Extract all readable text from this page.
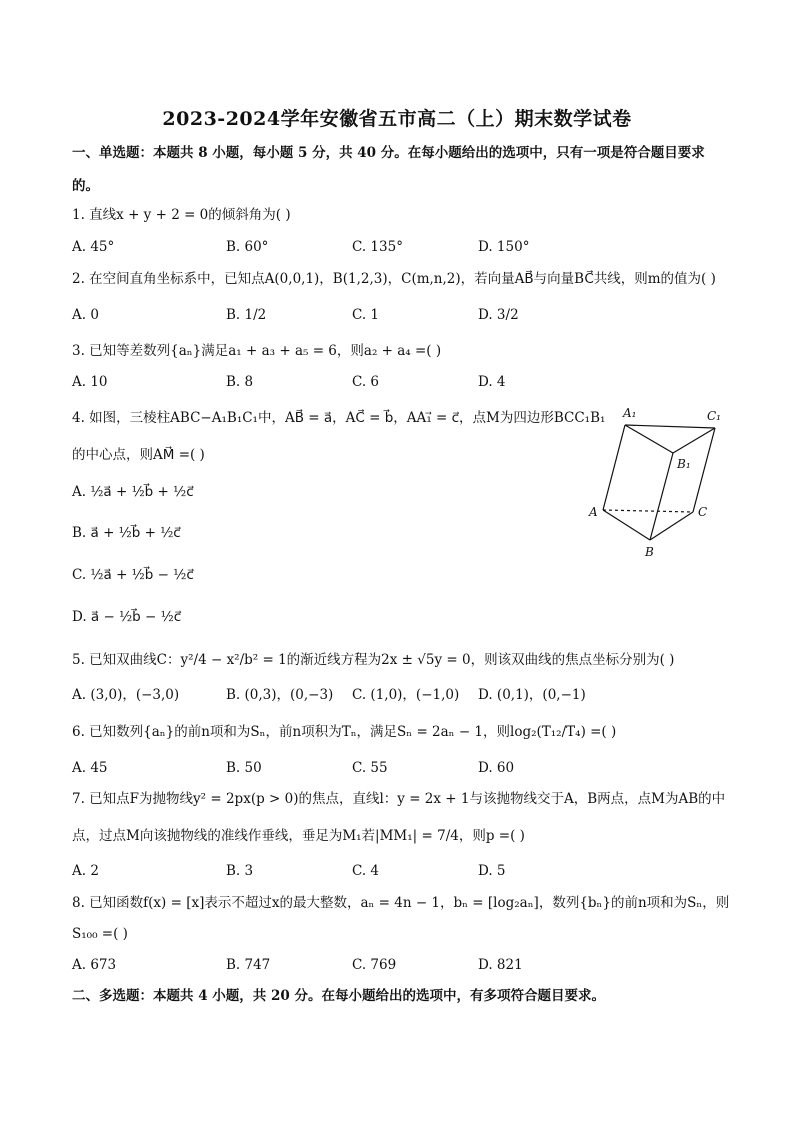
2023-2024学年安徽省五市高二（上）期末数学试卷
一、单选题：本题共 8 小题，每小题 5 分，共 40 分。在每小题给出的选项中，只有一项是符合题目要求
的。
1. 直线x + y + 2 = 0的倾斜角为( )
A. 45°	B. 60°	C. 135°	D. 150°
2. 在空间直角坐标系中，已知点A(0,0,1)，B(1,2,3)，C(m,n,2)，若向量AB⃗与向量BC⃗共线，则m的值为( )
A. 0	B. 1/2	C. 1	D. 3/2
3. 已知等差数列{aₙ}满足a₁ + a₃ + a₅ = 6，则a₂ + a₄ =( )
A. 10	B. 8	C. 6	D. 4
4. 如图，三棱柱ABC−A₁B₁C₁中，AB⃗ = a⃗，AC⃗ = b⃗，AA₁⃗ = c⃗，点M为四边形BCC₁B₁
的中心点，则AM⃗ =( )
A. ½a⃗ + ½b⃗ + ½c⃗
B. a⃗ + ½b⃗ + ½c⃗
C. ½a⃗ + ½b⃗ − ½c⃗
D. a⃗ − ½b⃗ − ½c⃗
A₁	C₁
B₁
A	C
B
5. 已知双曲线C：y²/4 − x²/b² = 1的渐近线方程为2x ± √5y = 0，则该双曲线的焦点坐标分别为( )
A. (3,0)，(−3,0)	B. (0,3)，(0,−3) C. (1,0)，(−1,0) D. (0,1)，(0,−1)
6. 已知数列{aₙ}的前n项和为Sₙ，前n项积为Tₙ，满足Sₙ = 2aₙ − 1，则log₂(T₁₂/T₄) =( )
A. 45	B. 50	C. 55	D. 60
7. 已知点F为抛物线y² = 2px(p > 0)的焦点，直线l：y = 2x + 1与该抛物线交于A，B两点，点M为AB的中
点，过点M向该抛物线的准线作垂线，垂足为M₁若|MM₁| = 7/4，则p =( )
A. 2	B. 3	C. 4	D. 5
8. 已知函数f(x) = [x]表示不超过x的最大整数，aₙ = 4n − 1，bₙ = [log₂aₙ]，数列{bₙ}的前n项和为Sₙ，则
S₁₀₀ =( )
A. 673	B. 747	C. 769	D. 821
二、多选题：本题共 4 小题，共 20 分。在每小题给出的选项中，有多项符合题目要求。
